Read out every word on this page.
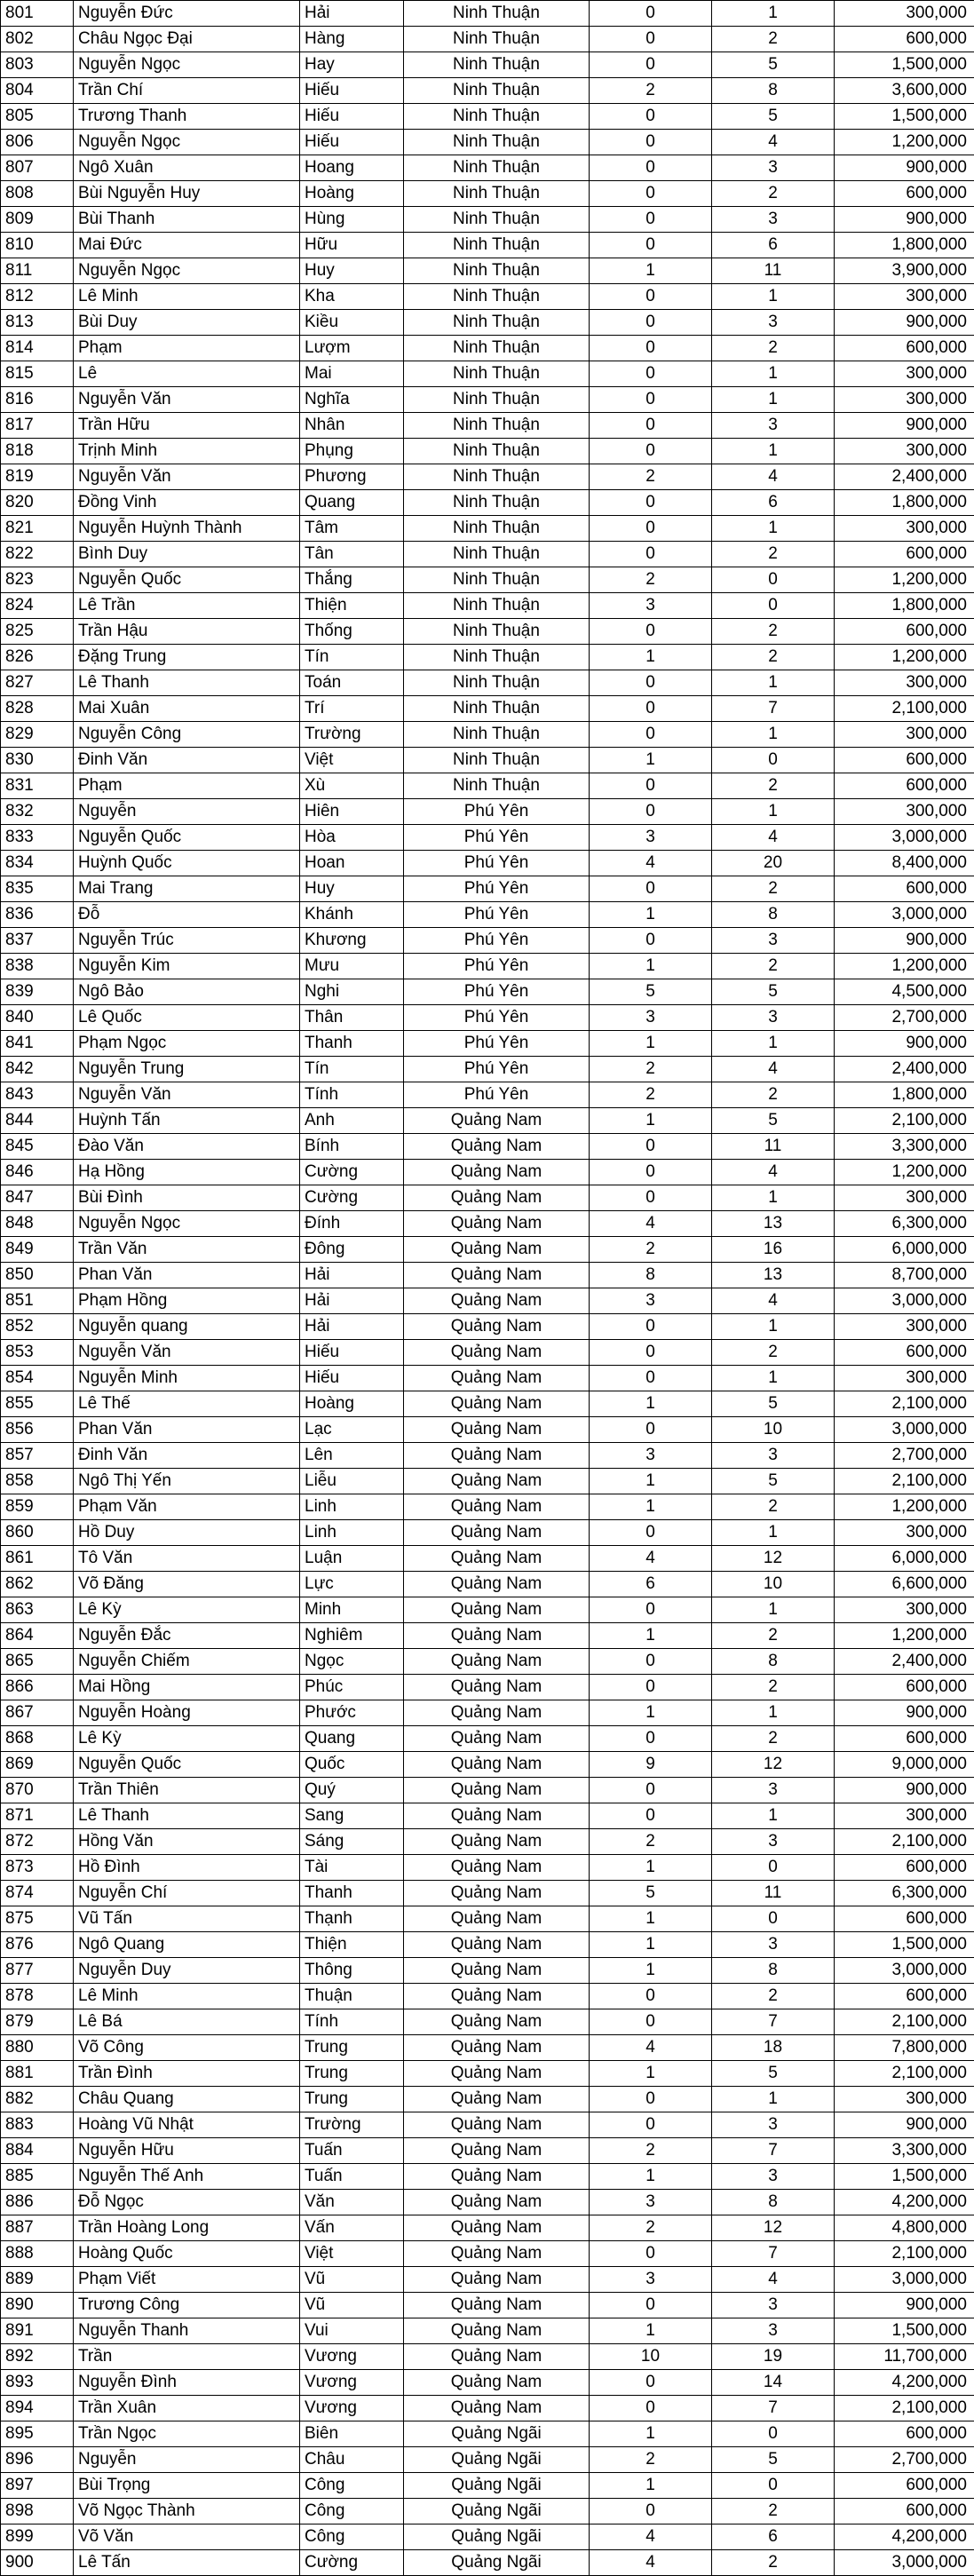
801	Nguyễn Đức	Hải	Ninh Thuận	0	1	300,000
802	Châu Ngọc Đại	Hàng	Ninh Thuận	0	2	600,000
803	Nguyễn Ngọc	Hay	Ninh Thuận	0	5	1,500,000
804	Trần Chí	Hiếu	Ninh Thuận	2	8	3,600,000
805	Trương Thanh	Hiếu	Ninh Thuận	0	5	1,500,000
806	Nguyễn Ngọc	Hiếu	Ninh Thuận	0	4	1,200,000
807	Ngô Xuân	Hoang	Ninh Thuận	0	3	900,000
808	Bùi Nguyễn Huy	Hoàng	Ninh Thuận	0	2	600,000
809	Bùi Thanh	Hùng	Ninh Thuận	0	3	900,000
810	Mai Đức	Hữu	Ninh Thuận	0	6	1,800,000
811	Nguyễn Ngọc	Huy	Ninh Thuận	1	11	3,900,000
812	Lê Minh	Kha	Ninh Thuận	0	1	300,000
813	Bùi Duy	Kiều	Ninh Thuận	0	3	900,000
814	Phạm	Lượm	Ninh Thuận	0	2	600,000
815	Lê	Mai	Ninh Thuận	0	1	300,000
816	Nguyễn Văn	Nghĩa	Ninh Thuận	0	1	300,000
817	Trần Hữu	Nhân	Ninh Thuận	0	3	900,000
818	Trịnh Minh	Phụng	Ninh Thuận	0	1	300,000
819	Nguyễn Văn	Phương	Ninh Thuận	2	4	2,400,000
820	Đồng Vinh	Quang	Ninh Thuận	0	6	1,800,000
821	Nguyễn Huỳnh Thành	Tâm	Ninh Thuận	0	1	300,000
822	Bình Duy	Tân	Ninh Thuận	0	2	600,000
823	Nguyễn Quốc	Thắng	Ninh Thuận	2	0	1,200,000
824	Lê Trần	Thiện	Ninh Thuận	3	0	1,800,000
825	Trần Hậu	Thống	Ninh Thuận	0	2	600,000
826	Đặng Trung	Tín	Ninh Thuận	1	2	1,200,000
827	Lê Thanh	Toán	Ninh Thuận	0	1	300,000
828	Mai Xuân	Trí	Ninh Thuận	0	7	2,100,000
829	Nguyễn Công	Trường	Ninh Thuận	0	1	300,000
830	Đinh Văn	Việt	Ninh Thuận	1	0	600,000
831	Phạm	Xù	Ninh Thuận	0	2	600,000
832	Nguyễn	Hiên	Phú Yên	0	1	300,000
833	Nguyễn Quốc	Hòa	Phú Yên	3	4	3,000,000
834	Huỳnh Quốc	Hoan	Phú Yên	4	20	8,400,000
835	Mai Trang	Huy	Phú Yên	0	2	600,000
836	Đỗ	Khánh	Phú Yên	1	8	3,000,000
837	Nguyễn Trúc	Khương	Phú Yên	0	3	900,000
838	Nguyễn Kim	Mưu	Phú Yên	1	2	1,200,000
839	Ngô Bảo	Nghi	Phú Yên	5	5	4,500,000
840	Lê Quốc	Thân	Phú Yên	3	3	2,700,000
841	Phạm Ngọc	Thanh	Phú Yên	1	1	900,000
842	Nguyễn Trung	Tín	Phú Yên	2	4	2,400,000
843	Nguyễn Văn	Tính	Phú Yên	2	2	1,800,000
844	Huỳnh Tấn	Anh	Quảng Nam	1	5	2,100,000
845	Đào Văn	Bính	Quảng Nam	0	11	3,300,000
846	Hạ Hồng	Cường	Quảng Nam	0	4	1,200,000
847	Bùi Đình	Cường	Quảng Nam	0	1	300,000
848	Nguyễn Ngọc	Đính	Quảng Nam	4	13	6,300,000
849	Trần Văn	Đông	Quảng Nam	2	16	6,000,000
850	Phan Văn	Hải	Quảng Nam	8	13	8,700,000
851	Phạm Hồng	Hải	Quảng Nam	3	4	3,000,000
852	Nguyễn quang	Hải	Quảng Nam	0	1	300,000
853	Nguyễn Văn	Hiếu	Quảng Nam	0	2	600,000
854	Nguyễn Minh	Hiếu	Quảng Nam	0	1	300,000
855	Lê Thế	Hoàng	Quảng Nam	1	5	2,100,000
856	Phan Văn	Lạc	Quảng Nam	0	10	3,000,000
857	Đinh Văn	Lên	Quảng Nam	3	3	2,700,000
858	Ngô Thị Yến	Liễu	Quảng Nam	1	5	2,100,000
859	Phạm Văn	Linh	Quảng Nam	1	2	1,200,000
860	Hồ Duy	Linh	Quảng Nam	0	1	300,000
861	Tô Văn	Luận	Quảng Nam	4	12	6,000,000
862	Võ Đăng	Lực	Quảng Nam	6	10	6,600,000
863	Lê Kỳ	Minh	Quảng Nam	0	1	300,000
864	Nguyễn Đắc	Nghiêm	Quảng Nam	1	2	1,200,000
865	Nguyễn Chiếm	Ngọc	Quảng Nam	0	8	2,400,000
866	Mai Hồng	Phúc	Quảng Nam	0	2	600,000
867	Nguyễn Hoàng	Phước	Quảng Nam	1	1	900,000
868	Lê Kỳ	Quang	Quảng Nam	0	2	600,000
869	Nguyễn Quốc	Quốc	Quảng Nam	9	12	9,000,000
870	Trần Thiên	Quý	Quảng Nam	0	3	900,000
871	Lê Thanh	Sang	Quảng Nam	0	1	300,000
872	Hồng Văn	Sáng	Quảng Nam	2	3	2,100,000
873	Hồ Đình	Tài	Quảng Nam	1	0	600,000
874	Nguyễn Chí	Thanh	Quảng Nam	5	11	6,300,000
875	Vũ Tấn	Thạnh	Quảng Nam	1	0	600,000
876	Ngô Quang	Thiện	Quảng Nam	1	3	1,500,000
877	Nguyễn Duy	Thông	Quảng Nam	1	8	3,000,000
878	Lê Minh	Thuận	Quảng Nam	0	2	600,000
879	Lê Bá	Tính	Quảng Nam	0	7	2,100,000
880	Võ Công	Trung	Quảng Nam	4	18	7,800,000
881	Trần Đình	Trung	Quảng Nam	1	5	2,100,000
882	Châu Quang	Trung	Quảng Nam	0	1	300,000
883	Hoàng Vũ Nhật	Trường	Quảng Nam	0	3	900,000
884	Nguyễn Hữu	Tuấn	Quảng Nam	2	7	3,300,000
885	Nguyễn Thế Anh	Tuấn	Quảng Nam	1	3	1,500,000
886	Đỗ Ngọc	Văn	Quảng Nam	3	8	4,200,000
887	Trần Hoàng Long	Vấn	Quảng Nam	2	12	4,800,000
888	Hoàng Quốc	Việt	Quảng Nam	0	7	2,100,000
889	Phạm Viết	Vũ	Quảng Nam	3	4	3,000,000
890	Trương Công	Vũ	Quảng Nam	0	3	900,000
891	Nguyễn Thanh	Vui	Quảng Nam	1	3	1,500,000
892	Trần	Vương	Quảng Nam	10	19	11,700,000
893	Nguyễn Đình	Vương	Quảng Nam	0	14	4,200,000
894	Trần Xuân	Vương	Quảng Nam	0	7	2,100,000
895	Trần Ngọc	Biên	Quảng Ngãi	1	0	600,000
896	Nguyễn	Châu	Quảng Ngãi	2	5	2,700,000
897	Bùi Trọng	Công	Quảng Ngãi	1	0	600,000
898	Võ Ngọc Thành	Công	Quảng Ngãi	0	2	600,000
899	Võ Văn	Công	Quảng Ngãi	4	6	4,200,000
900	Lê Tấn	Cường	Quảng Ngãi	4	2	3,000,000
